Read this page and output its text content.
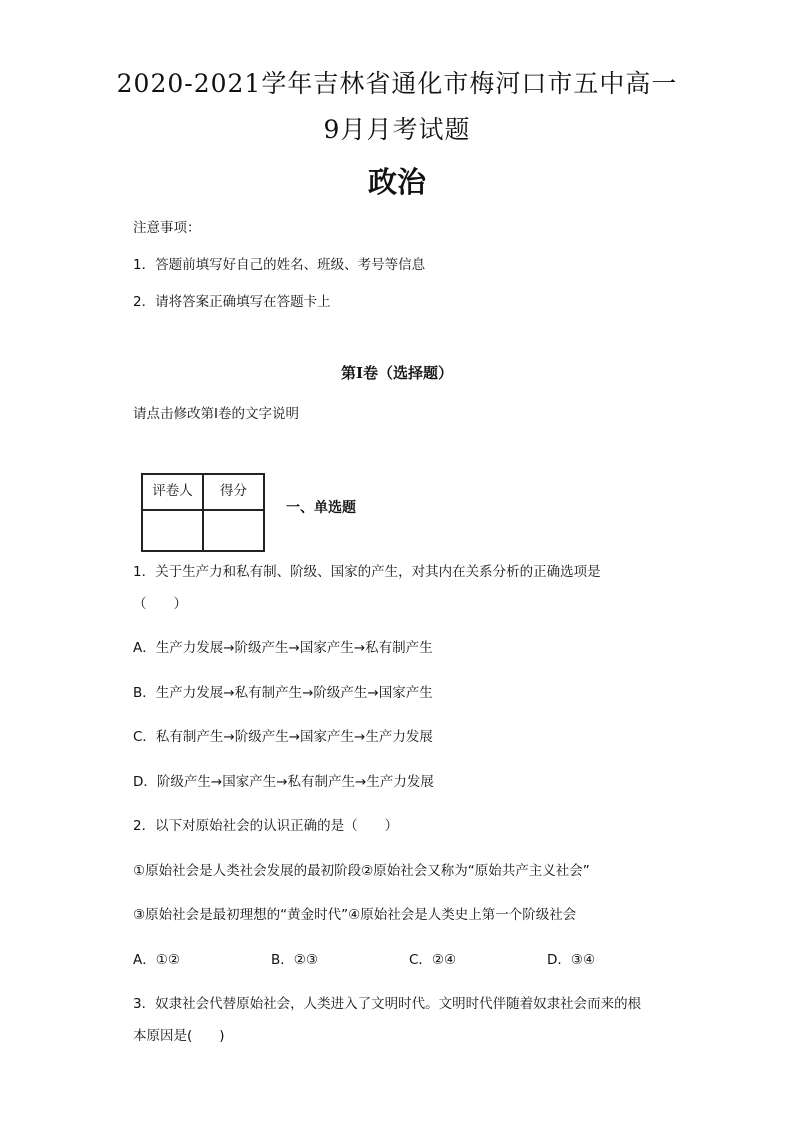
2020-2021学年吉林省通化市梅河口市五中高一
9月月考试题
政治
注意事项：
1．答题前填写好自己的姓名、班级、考号等信息
2．请将答案正确填写在答题卡上
第I卷（选择题）
请点击修改第I卷的文字说明
评卷人	得分

一、单选题
1．关于生产力和私有制、阶级、国家的产生，对其内在关系分析的正确选项是
（　　）
A．生产力发展→阶级产生→国家产生→私有制产生
B．生产力发展→私有制产生→阶级产生→国家产生
C．私有制产生→阶级产生→国家产生→生产力发展
D．阶级产生→国家产生→私有制产生→生产力发展
2．以下对原始社会的认识正确的是（　　）
①原始社会是人类社会发展的最初阶段②原始社会又称为“原始共产主义社会”
③原始社会是最初理想的“黄金时代”④原始社会是人类史上第一个阶级社会
A．①②	B．②③	C．②④	D．③④
3．奴隶社会代替原始社会，人类进入了文明时代。文明时代伴随着奴隶社会而来的根
本原因是(　　)
